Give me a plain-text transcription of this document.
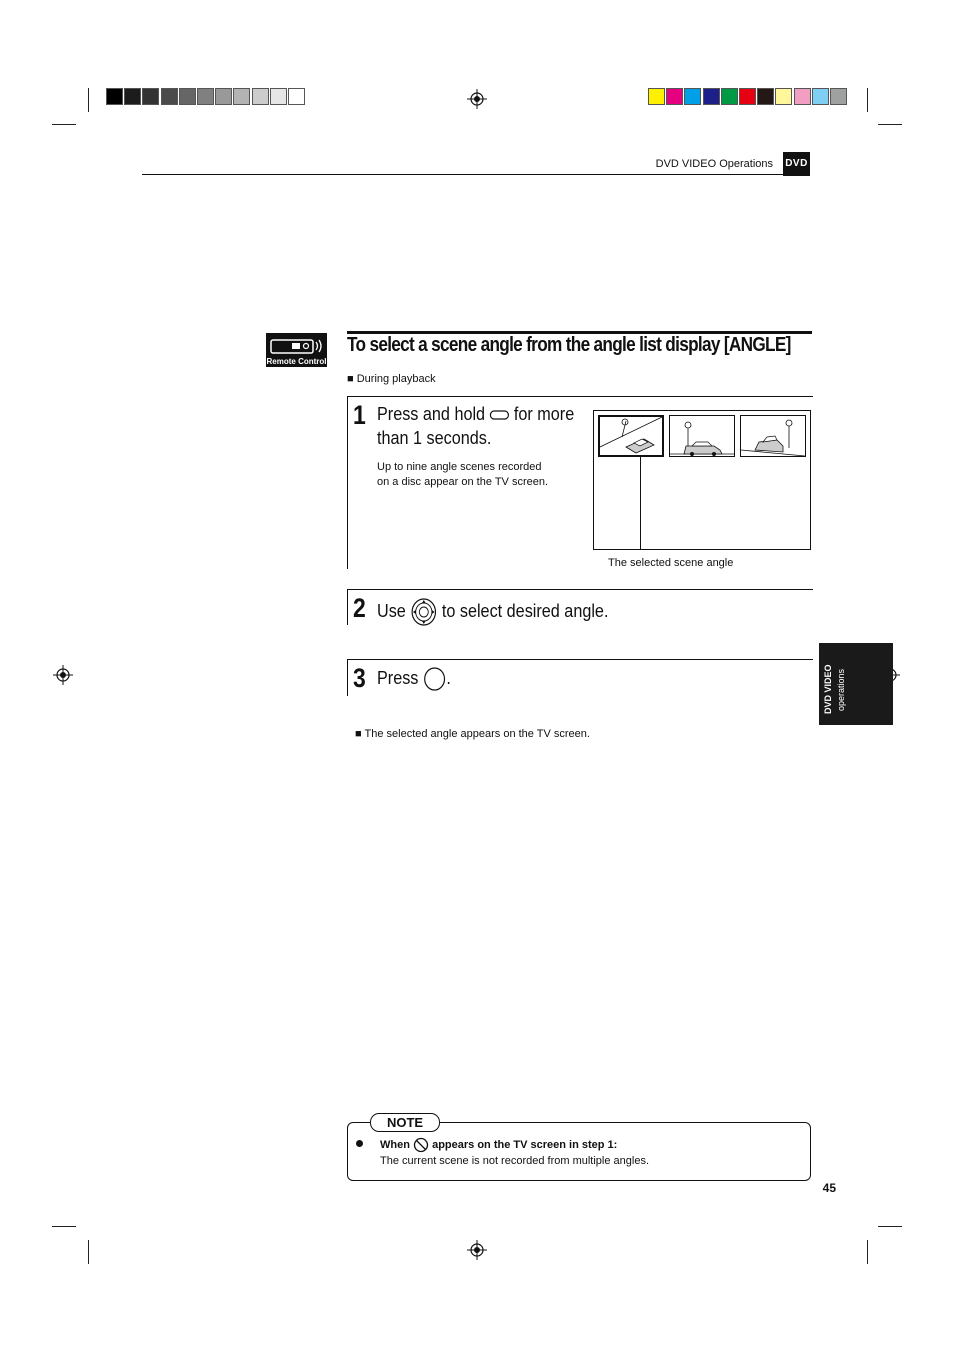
DVD VIDEO Operations DVD
Remote Control
To select a scene angle from the angle list display [ANGLE]
■ During playback
1 Press and hold for more
than 1 seconds.
Up to nine angle scenes recorded
on a disc appear on the TV screen.
The selected scene angle
2 Use to select desired angle.
3 Press .
■ The selected angle appears on the TV screen.
DVD VIDEO operations
NOTE
When appears on the TV screen in step 1:
The current scene is not recorded from multiple angles.
45
